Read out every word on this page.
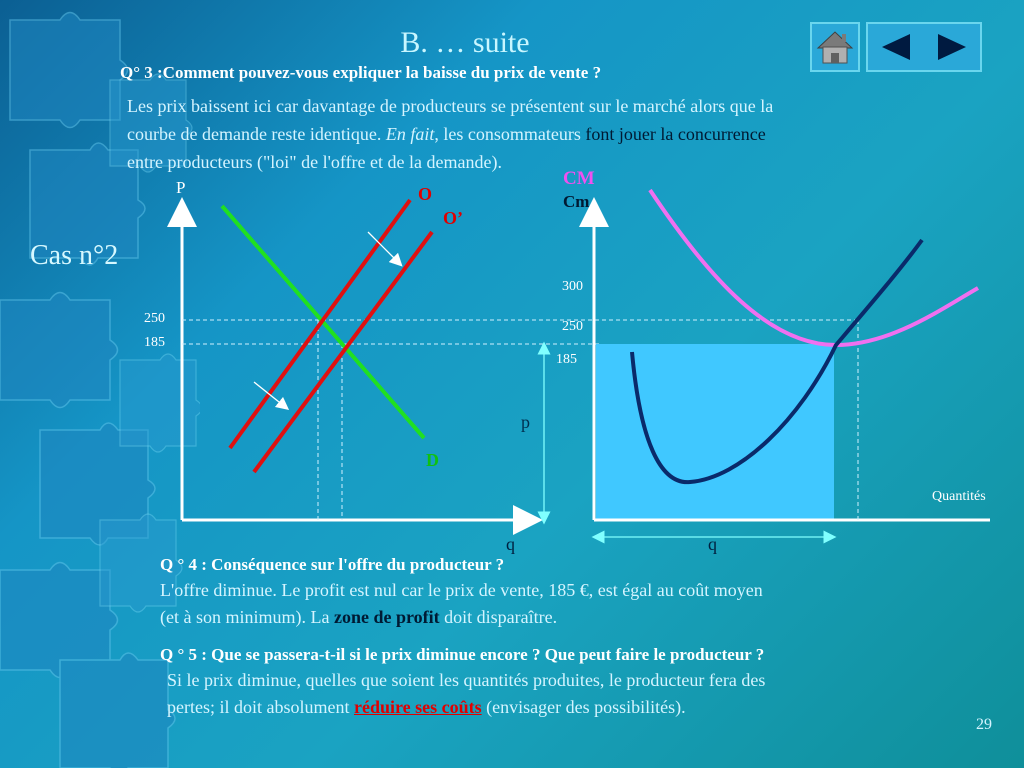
B. … suite
Q° 3 :Comment pouvez-vous expliquer la baisse du prix de vente ?
Les prix baissent ici car davantage de producteurs se présentent sur le marché alors que la
courbe de demande reste identique. En fait, les consommateurs font jouer la concurrence
entre producteurs ("loi" de l'offre et de la demande).
Cas n°2
P
q
O
O’
D
250
185
CM
Cm
300
250
185
p
q
Quantités
Q ° 4 : Conséquence sur l'offre du producteur ?
L'offre diminue. Le profit est nul car le prix de vente, 185 €, est égal au coût moyen
(et à son minimum). La zone de profit doit disparaître.
Q ° 5 : Que se passera-t-il si le prix diminue encore ? Que peut faire le producteur ?
Si le prix diminue, quelles que soient les quantités produites, le producteur fera des
pertes; il doit absolument réduire ses coûts (envisager des possibilités).
29
